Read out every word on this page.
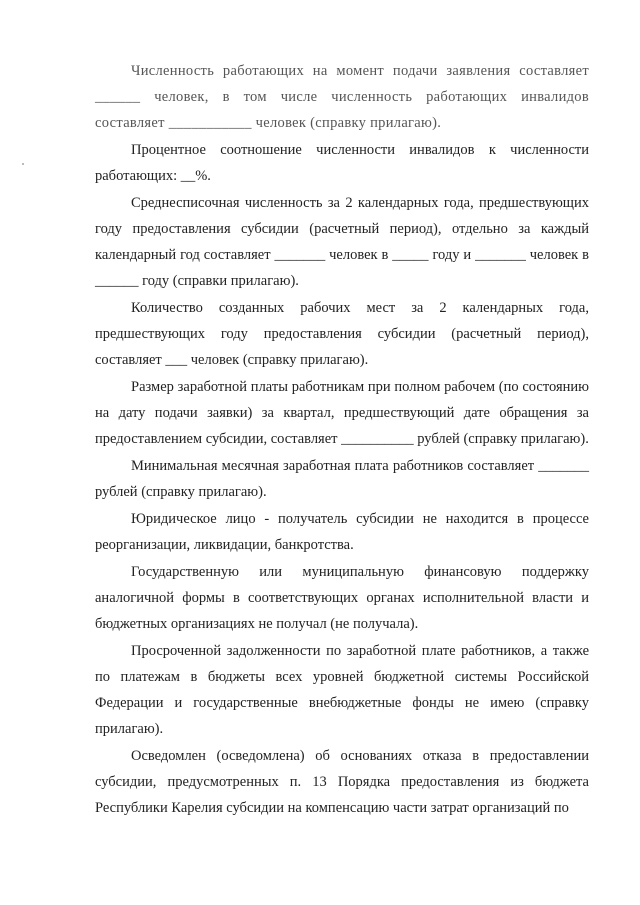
Численность работающих на момент подачи заявления составляет ______ человек, в том числе численность работающих инвалидов составляет ___________ человек (справку прилагаю).

Процентное соотношение численности инвалидов к численности работающих: __%.

Среднесписочная численность за 2 календарных года, предшествующих году предоставления субсидии (расчетный период), отдельно за каждый календарный год составляет _______ человек в _____ году и _______ человек в ______ году (справки прилагаю).

Количество созданных рабочих мест за 2 календарных года, предшествующих году предоставления субсидии (расчетный период), составляет ___ человек (справку прилагаю).

Размер заработной платы работникам при полном рабочем (по состоянию на дату подачи заявки) за квартал, предшествующий дате обращения за предоставлением субсидии, составляет __________ рублей (справку прилагаю).

Минимальная месячная заработная плата работников составляет _______ рублей (справку прилагаю).

Юридическое лицо - получатель субсидии не находится в процессе реорганизации, ликвидации, банкротства.

Государственную или муниципальную финансовую поддержку аналогичной формы в соответствующих органах исполнительной власти и бюджетных организациях не получал (не получала).

Просроченной задолженности по заработной плате работников, а также по платежам в бюджеты всех уровней бюджетной системы Российской Федерации и государственные внебюджетные фонды не имею (справку прилагаю).

Осведомлен (осведомлена) об основаниях отказа в предоставлении субсидии, предусмотренных п. 13 Порядка предоставления из бюджета Республики Карелия субсидии на компенсацию части затрат организаций по
